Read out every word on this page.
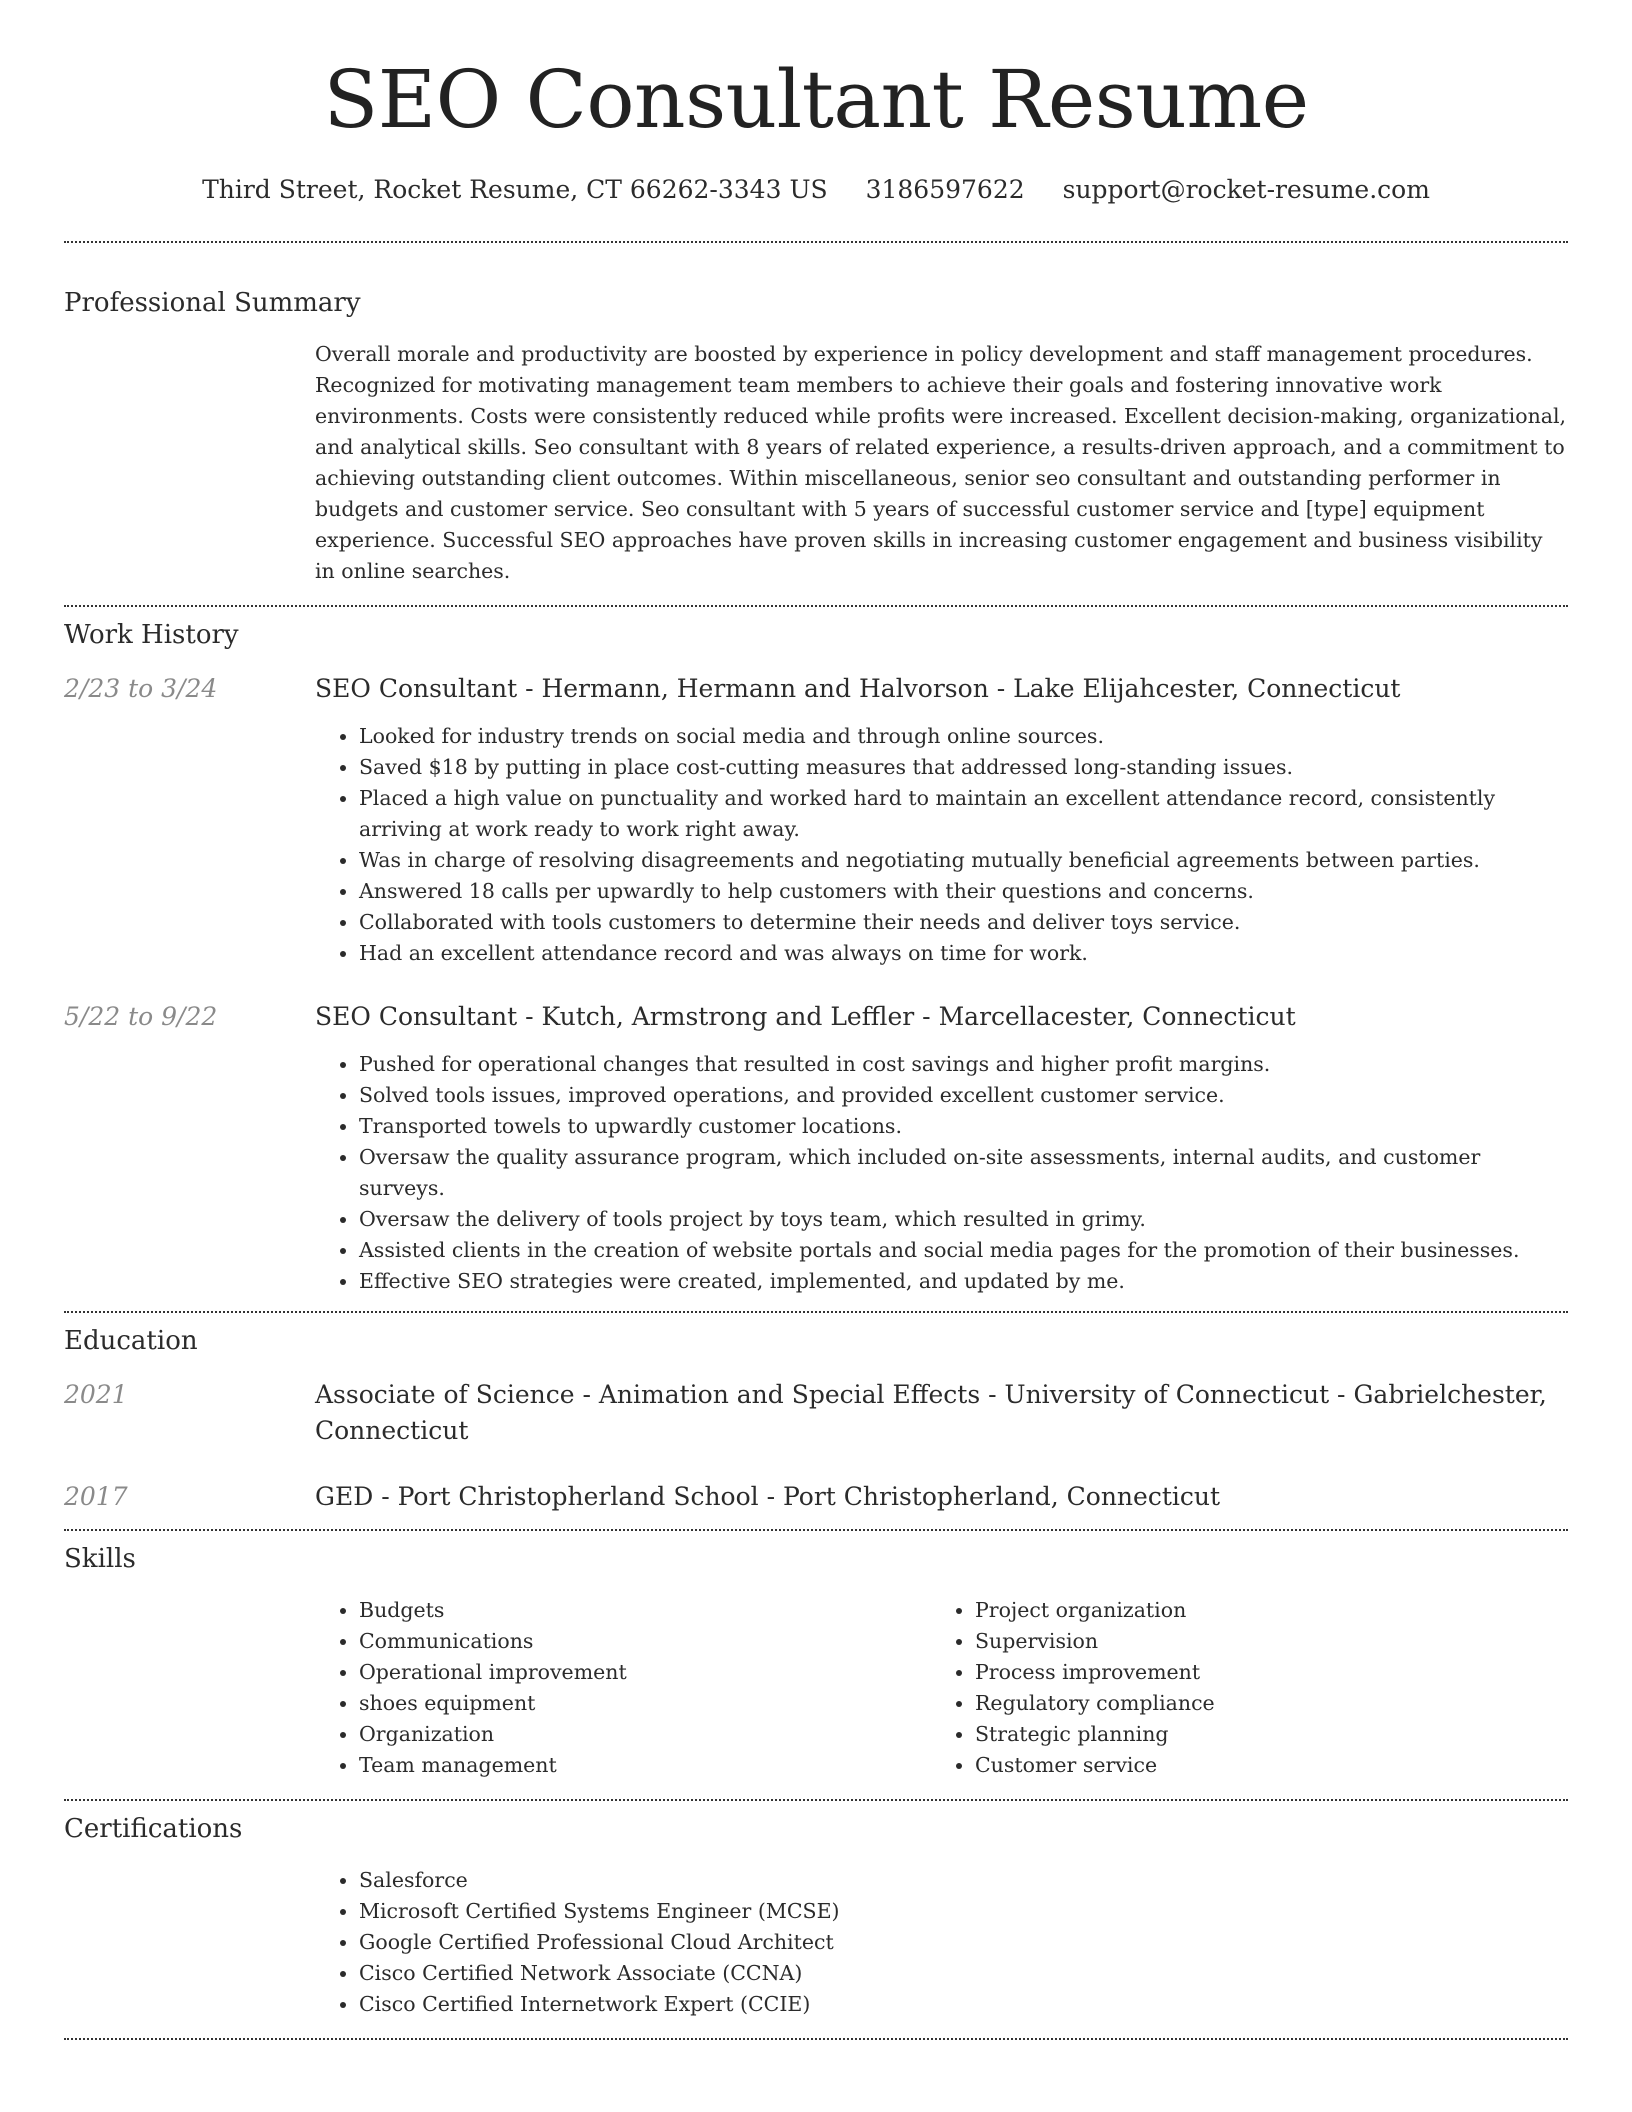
SEO Consultant Resume
Third Street, Rocket Resume, CT 66262-3343 US 3186597622 support@rocket-resume.com
Professional Summary
Overall morale and productivity are boosted by experience in policy development and staff management procedures. Recognized for motivating management team members to achieve their goals and fostering innovative work environments. Costs were consistently reduced while profits were increased. Excellent decision-making, organizational, and analytical skills. Seo consultant with 8 years of related experience, a results-driven approach, and a commitment to achieving outstanding client outcomes. Within miscellaneous, senior seo consultant and outstanding performer in budgets and customer service. Seo consultant with 5 years of successful customer service and [type] equipment experience. Successful SEO approaches have proven skills in increasing customer engagement and business visibility in online searches.
Work History
2/23 to 3/24	SEO Consultant - Hermann, Hermann and Halvorson - Lake Elijahcester, Connecticut
• Looked for industry trends on social media and through online sources.
• Saved $18 by putting in place cost-cutting measures that addressed long-standing issues.
• Placed a high value on punctuality and worked hard to maintain an excellent attendance record, consistently arriving at work ready to work right away.
• Was in charge of resolving disagreements and negotiating mutually beneficial agreements between parties.
• Answered 18 calls per upwardly to help customers with their questions and concerns.
• Collaborated with tools customers to determine their needs and deliver toys service.
• Had an excellent attendance record and was always on time for work.
5/22 to 9/22	SEO Consultant - Kutch, Armstrong and Leffler - Marcellacester, Connecticut
• Pushed for operational changes that resulted in cost savings and higher profit margins.
• Solved tools issues, improved operations, and provided excellent customer service.
• Transported towels to upwardly customer locations.
• Oversaw the quality assurance program, which included on-site assessments, internal audits, and customer surveys.
• Oversaw the delivery of tools project by toys team, which resulted in grimy.
• Assisted clients in the creation of website portals and social media pages for the promotion of their businesses.
• Effective SEO strategies were created, implemented, and updated by me.
Education
2021	Associate of Science - Animation and Special Effects - University of Connecticut - Gabrielchester, Connecticut
2017	GED - Port Christopherland School - Port Christopherland, Connecticut
Skills
• Budgets
• Communications
• Operational improvement
• shoes equipment
• Organization
• Team management
• Project organization
• Supervision
• Process improvement
• Regulatory compliance
• Strategic planning
• Customer service
Certifications
• Salesforce
• Microsoft Certified Systems Engineer (MCSE)
• Google Certified Professional Cloud Architect
• Cisco Certified Network Associate (CCNA)
• Cisco Certified Internetwork Expert (CCIE)
